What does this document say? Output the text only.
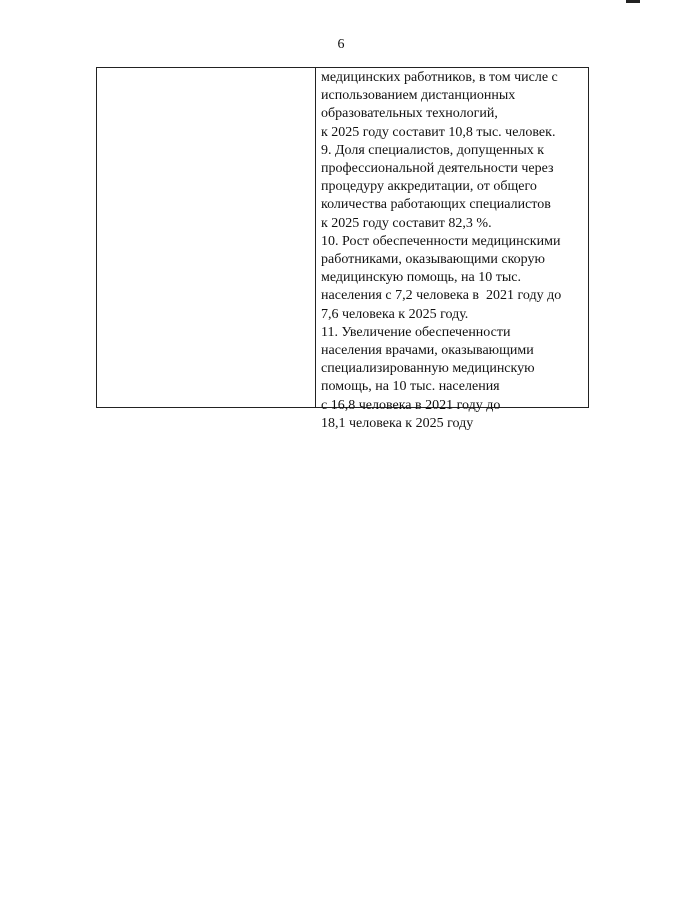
6
медицинских работников, в том числе с
использованием дистанционных
образовательных технологий,
к 2025 году составит 10,8 тыс. человек.
9. Доля специалистов, допущенных к
профессиональной деятельности через
процедуру аккредитации, от общего
количества работающих специалистов
к 2025 году составит 82,3 %.
10. Рост обеспеченности медицинскими
работниками, оказывающими скорую
медицинскую помощь, на 10 тыс.
населения с 7,2 человека в  2021 году до
7,6 человека к 2025 году.
11. Увеличение обеспеченности
населения врачами, оказывающими
специализированную медицинскую
помощь, на 10 тыс. населения
с 16,8 человека в 2021 году до
18,1 человека к 2025 году
